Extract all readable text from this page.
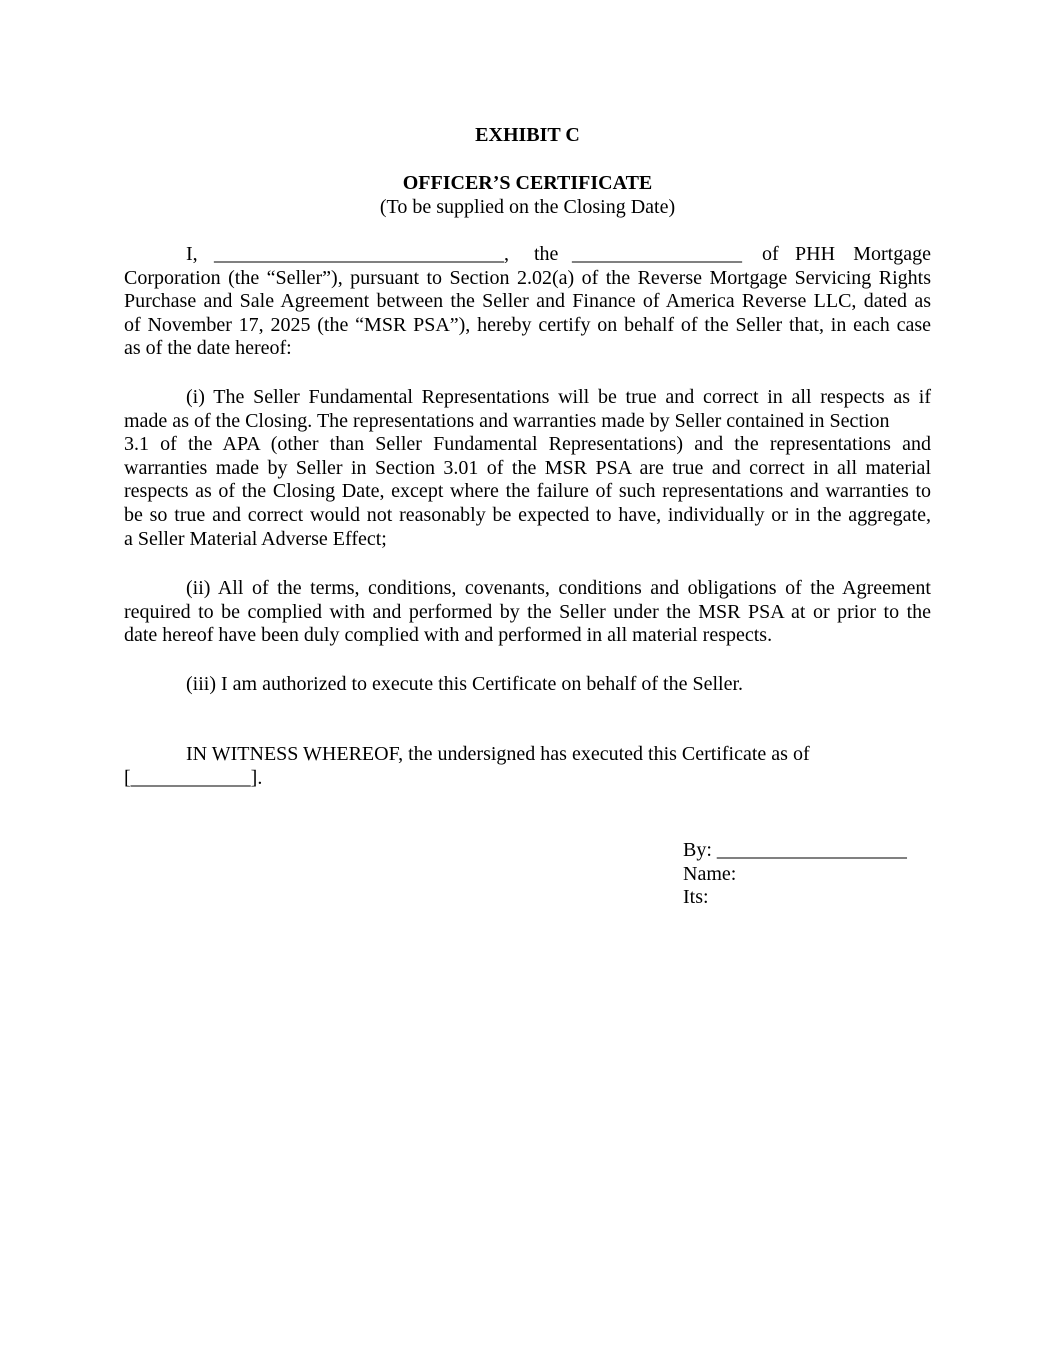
EXHIBIT C
OFFICER’S CERTIFICATE
(To be supplied on the Closing Date)
I, _____________________________, the _________________ of PHH Mortgage
Corporation (the “Seller”), pursuant to Section 2.02(a) of the Reverse Mortgage Servicing Rights
Purchase and Sale Agreement between the Seller and Finance of America Reverse LLC, dated as
of November 17, 2025 (the “MSR PSA”), hereby certify on behalf of the Seller that, in each case
as of the date hereof:
(i) The Seller Fundamental Representations will be true and correct in all respects as if
made as of the Closing. The representations and warranties made by Seller contained in Section
3.1 of the APA (other than Seller Fundamental Representations) and the representations and
warranties made by Seller in Section 3.01 of the MSR PSA are true and correct in all material
respects as of the Closing Date, except where the failure of such representations and warranties to
be so true and correct would not reasonably be expected to have, individually or in the aggregate,
a Seller Material Adverse Effect;
(ii) All of the terms, conditions, covenants, conditions and obligations of the Agreement
required to be complied with and performed by the Seller under the MSR PSA at or prior to the
date hereof have been duly complied with and performed in all material respects.
(iii) I am authorized to execute this Certificate on behalf of the Seller.
IN WITNESS WHEREOF, the undersigned has executed this Certificate as of
[____________].
By: ___________________
Name:
Its:
